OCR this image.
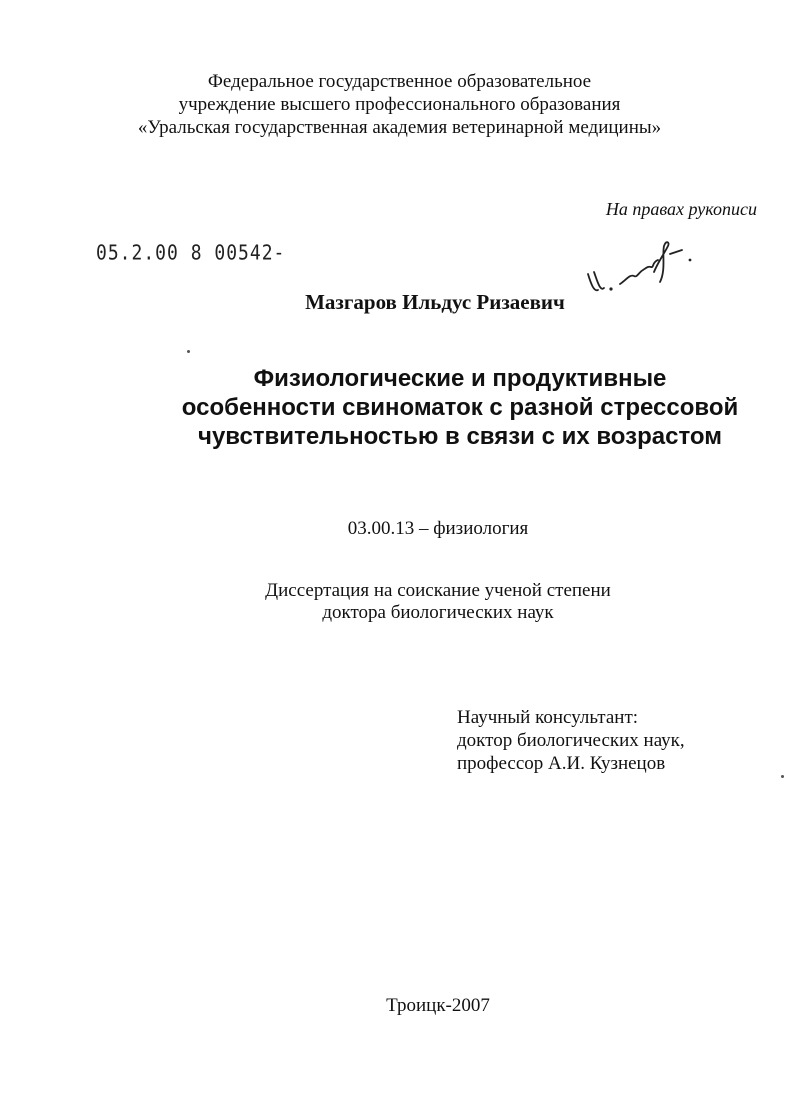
Федеральное государственное образовательное
учреждение высшего профессионального образования
«Уральская государственная академия ветеринарной медицины»
На правах рукописи
05.2.00 8 00542-
Мазгаров Ильдус Ризаевич
Физиологические и продуктивные
особенности свиноматок с разной стрессовой
чувствительностью в связи с их возрастом
03.00.13 – физиология
Диссертация на соискание ученой степени
доктора биологических наук
Научный консультант:
доктор биологических наук,
профессор А.И. Кузнецов
Троицк-2007
